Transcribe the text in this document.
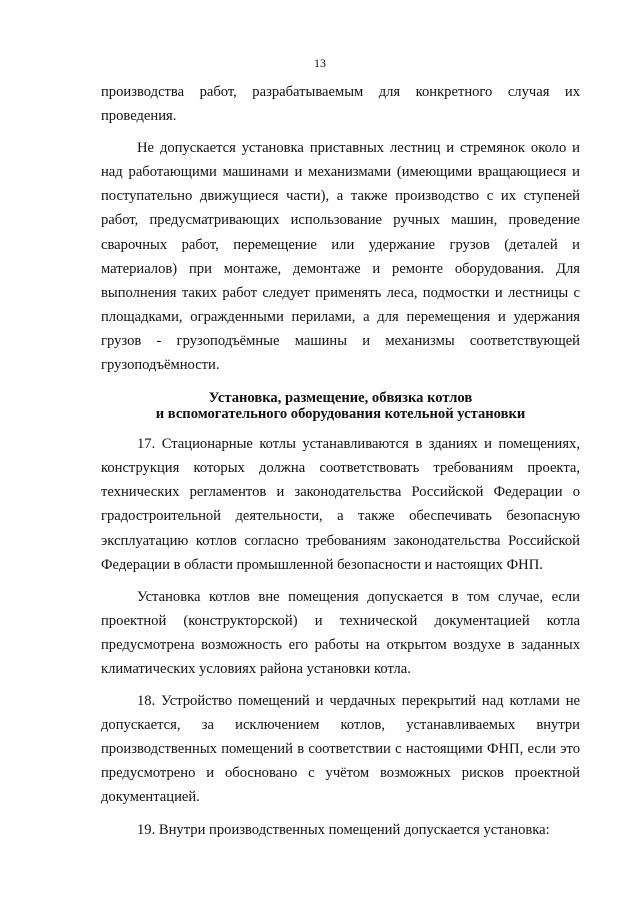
13

производства работ, разрабатываемым для конкретного случая их проведения.

Не допускается установка приставных лестниц и стремянок около и над работающими машинами и механизмами (имеющими вращающиеся и поступательно движущиеся части), а также производство с их ступеней работ, предусматривающих использование ручных машин, проведение сварочных работ, перемещение или удержание грузов (деталей и материалов) при монтаже, демонтаже и ремонте оборудования. Для выполнения таких работ следует применять леса, подмостки и лестницы с площадками, огражденными перилами, а для перемещения и удержания грузов - грузоподъёмные машины и механизмы соответствующей грузоподъёмности.

Установка, размещение, обвязка котлов
и вспомогательного оборудования котельной установки

17. Стационарные котлы устанавливаются в зданиях и помещениях, конструкция которых должна соответствовать требованиям проекта, технических регламентов и законодательства Российской Федерации о градостроительной деятельности, а также обеспечивать безопасную эксплуатацию котлов согласно требованиям законодательства Российской Федерации в области промышленной безопасности и настоящих ФНП.

Установка котлов вне помещения допускается в том случае, если проектной (конструкторской) и технической документацией котла предусмотрена возможность его работы на открытом воздухе в заданных климатических условиях района установки котла.

18. Устройство помещений и чердачных перекрытий над котлами не допускается, за исключением котлов, устанавливаемых внутри производственных помещений в соответствии с настоящими ФНП, если это предусмотрено и обосновано с учётом возможных рисков проектной документацией.

19. Внутри производственных помещений допускается установка:
